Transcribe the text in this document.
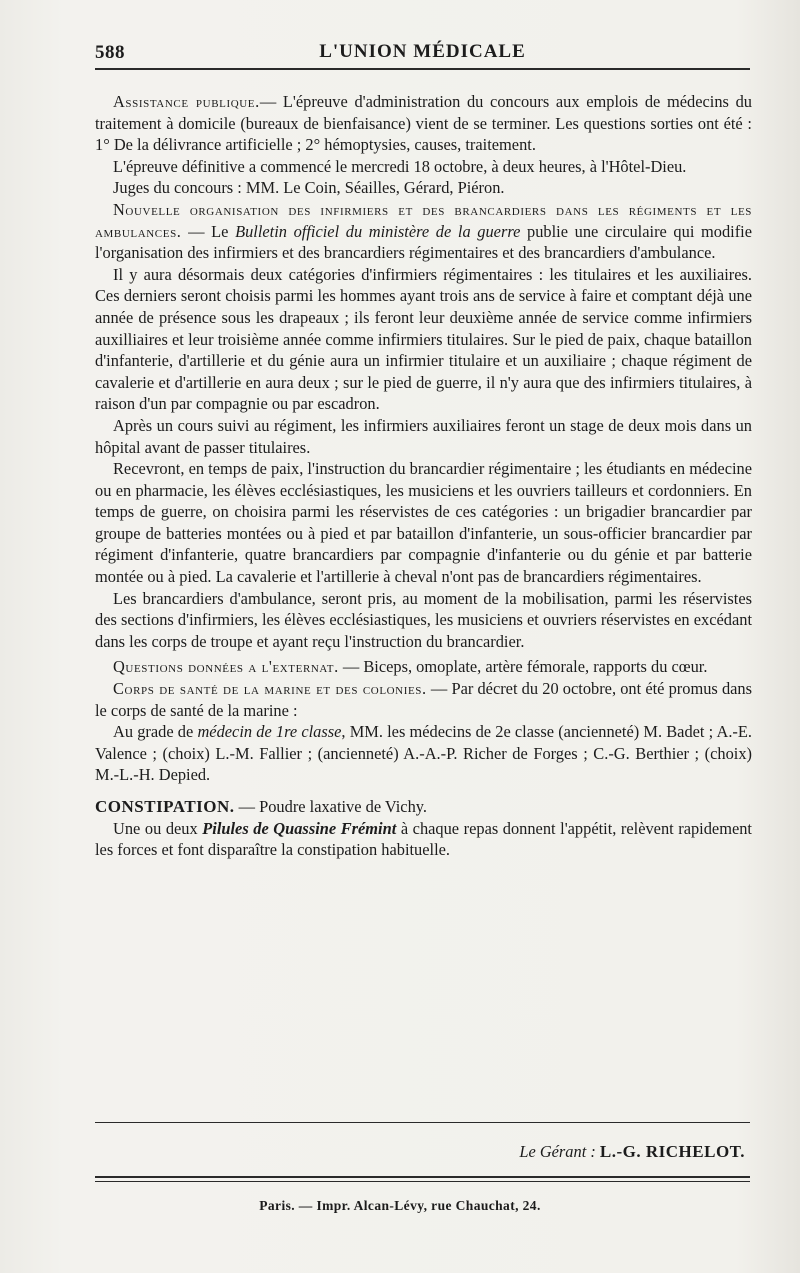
588	L'UNION MÉDICALE

Assistance publique.— L'épreuve d'administration du concours aux emplois de médecins du traitement à domicile (bureaux de bienfaisance) vient de se terminer. Les questions sorties ont été : 1° De la délivrance artificielle ; 2° hémoptysies, causes, traitement.

L'épreuve définitive a commencé le mercredi 18 octobre, à deux heures, à l'Hôtel-Dieu.

Juges du concours : MM. Le Coin, Séailles, Gérard, Piéron.

Nouvelle organisation des infirmiers et des brancardiers dans les régiments et les ambulances. — Le Bulletin officiel du ministère de la guerre publie une circulaire qui modifie l'organisation des infirmiers et des brancardiers régimentaires et des brancardiers d'ambulance.

Il y aura désormais deux catégories d'infirmiers régimentaires : les titulaires et les auxiliaires. Ces derniers seront choisis parmi les hommes ayant trois ans de service à faire et comptant déjà une année de présence sous les drapeaux ; ils feront leur deuxième année de service comme infirmiers auxilliaires et leur troisième année comme infirmiers titulaires. Sur le pied de paix, chaque bataillon d'infanterie, d'artillerie et du génie aura un infirmier titulaire et un auxiliaire ; chaque régiment de cavalerie et d'artillerie en aura deux ; sur le pied de guerre, il n'y aura que des infirmiers titulaires, à raison d'un par compagnie ou par escadron.

Après un cours suivi au régiment, les infirmiers auxiliaires feront un stage de deux mois dans un hôpital avant de passer titulaires.

Recevront, en temps de paix, l'instruction du brancardier régimentaire ; les étudiants en médecine ou en pharmacie, les élèves ecclésiastiques, les musiciens et les ouvriers tailleurs et cordonniers. En temps de guerre, on choisira parmi les réservistes de ces catégories : un brigadier brancardier par groupe de batteries montées ou à pied et par bataillon d'infanterie, un sous-officier brancardier par régiment d'infanterie, quatre brancardiers par compagnie d'infanterie ou du génie et par batterie montée ou à pied. La cavalerie et l'artillerie à cheval n'ont pas de brancardiers régimentaires.

Les brancardiers d'ambulance, seront pris, au moment de la mobilisation, parmi les réservistes des sections d'infirmiers, les élèves ecclésiastiques, les musiciens et ouvriers réservistes en excédant dans les corps de troupe et ayant reçu l'instruction du brancardier.

Questions données a l'externat. — Biceps, omoplate, artère fémorale, rapports du cœur.

Corps de santé de la marine et des colonies. — Par décret du 20 octobre, ont été promus dans le corps de santé de la marine :

Au grade de médecin de 1re classe, MM. les médecins de 2e classe (ancienneté) M. Badet ; A.-E. Valence ; (choix) L.-M. Fallier ; (ancienneté) A.-A.-P. Richer de Forges ; C.-G. Berthier ; (choix) M.-L.-H. Depied.

CONSTIPATION. — Poudre laxative de Vichy.

Une ou deux Pilules de Quassine Frémint à chaque repas donnent l'appétit, relèvent rapidement les forces et font disparaître la constipation habituelle.

Le Gérant : L.-G. RICHELOT.
Paris. — Impr. Alcan-Lévy, rue Chauchat, 24.
